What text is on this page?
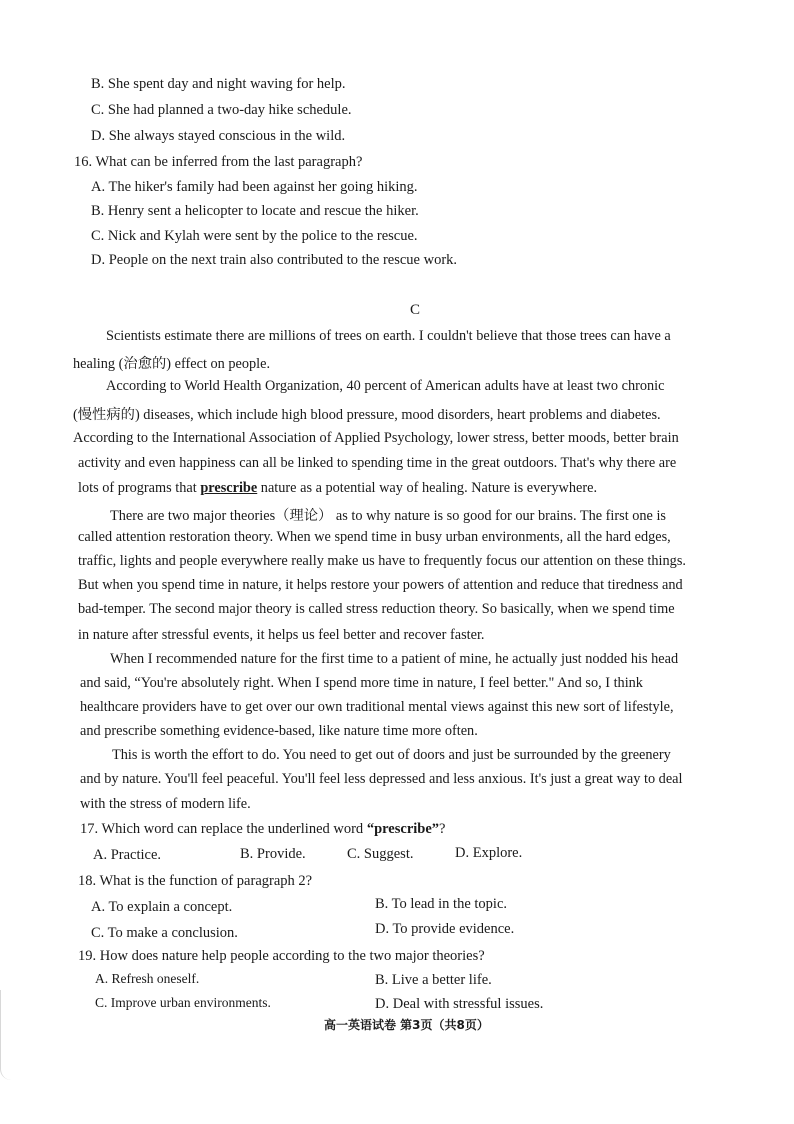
B. She spent day and night waving for help.
C. She had planned a two-day hike schedule.
D. She always stayed conscious in the wild.
16. What can be inferred from the last paragraph?
A. The hiker's family had been against her going hiking.
B. Henry sent a helicopter to locate and rescue the hiker.
C. Nick and Kylah were sent by the police to the rescue.
D. People on the next train also contributed to the rescue work.
C
Scientists estimate there are millions of trees on earth. I couldn't believe that those trees can have a
healing (治愈的) effect on people.
According to World Health Organization, 40 percent of American adults have at least two chronic
(慢性病的) diseases, which include high blood pressure, mood disorders, heart problems and diabetes.
According to the International Association of Applied Psychology, lower stress, better moods, better brain
activity and even happiness can all be linked to spending time in the great outdoors. That's why there are
lots of programs that prescribe nature as a potential way of healing. Nature is everywhere.
There are two major theories（理论） as to why nature is so good for our brains. The first one is
called attention restoration theory. When we spend time in busy urban environments, all the hard edges,
traffic, lights and people everywhere really make us have to frequently focus our attention on these things.
But when you spend time in nature, it helps restore your powers of attention and reduce that tiredness and
bad-temper. The second major theory is called stress reduction theory. So basically, when we spend time
in nature after stressful events, it helps us feel better and recover faster.
When I recommended nature for the first time to a patient of mine, he actually just nodded his head
and said, “You're absolutely right. When I spend more time in nature, I feel better." And so, I think
healthcare providers have to get over our own traditional mental views against this new sort of lifestyle,
and prescribe something evidence-based, like nature time more often.
This is worth the effort to do. You need to get out of doors and just be surrounded by the greenery
and by nature. You'll feel peaceful. You'll feel less depressed and less anxious. It's just a great way to deal
with the stress of modern life.
17. Which word can replace the underlined word “prescribe”?
A. Practice.	B. Provide.	C. Suggest.	D. Explore.
18. What is the function of paragraph 2?
A. To explain a concept.	B. To lead in the topic.
C. To make a conclusion.	D. To provide evidence.
19. How does nature help people according to the two major theories?
A. Refresh oneself.	B. Live a better life.
C. Improve urban environments.	D. Deal with stressful issues.
高一英语试卷 第3页（共8页）
